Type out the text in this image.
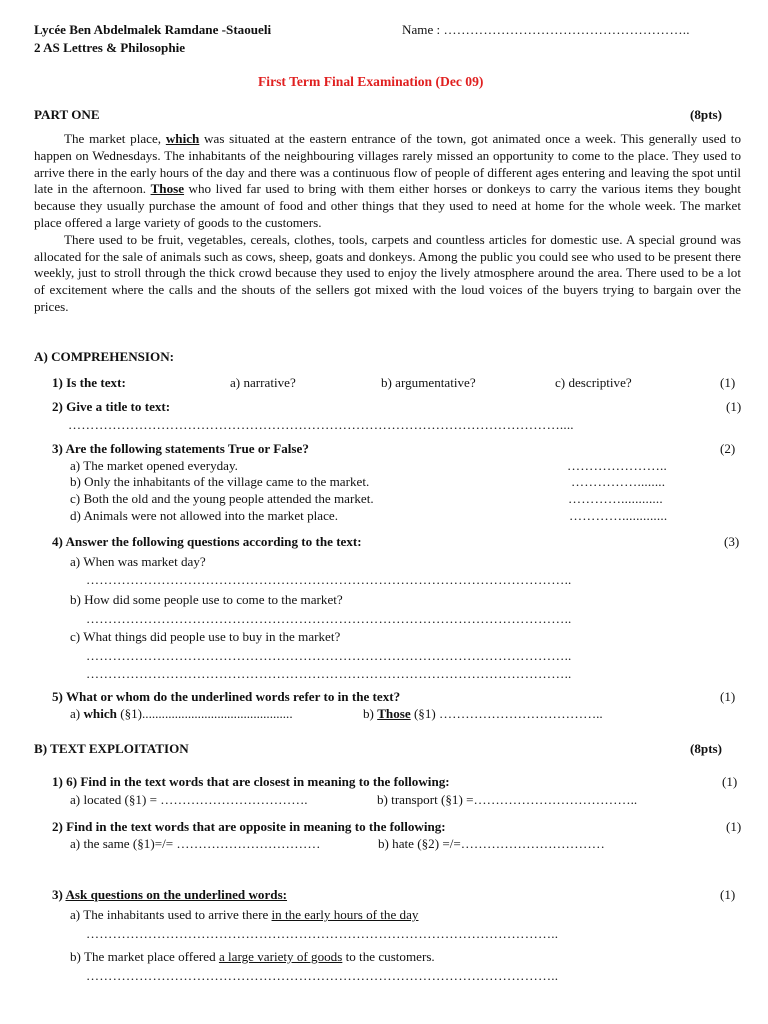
Lycée Ben Abdelmalek Ramdane -Staoueli
2 AS Lettres & Philosophie
Name : ………………………………………………..
First Term Final Examination (Dec 09)
PART ONE	(8pts)

The market place, which was situated at the eastern entrance of the town, got animated once a week. This generally used to happen on Wednesdays. The inhabitants of the neighbouring villages rarely missed an opportunity to come to the place. They used to arrive there in the early hours of the day and there was a continuous flow of people of different ages entering and leaving the spot until late in the afternoon. Those who lived far used to bring with them either horses or donkeys to carry the various items they bought because they usually purchase the amount of food and other things that they used to need at home for the whole week. The market place offered a large variety of goods to the customers.

There used to be fruit, vegetables, cereals, clothes, tools, carpets and countless articles for domestic use. A special ground was allocated for the sale of animals such as cows, sheep, goats and donkeys. Among the public you could see who used to be present there weekly, just to stroll through the thick crowd because they used to enjoy the lively atmosphere around the area. There used to be a lot of excitement where the calls and the shouts of the sellers got mixed with the loud voices of the buyers trying to bargain over the prices.

A) COMPREHENSION:
1) Is the text:	a) narrative?	b) argumentative?	c) descriptive?	(1)
2) Give a title to text:	(1)
…………………………………………………………………………………………………....
3) Are the following statements True or False?	(2)
a) The market opened everyday.	…………………..
b) Only the inhabitants of the village came to the market.	……………........
c) Both the old and the young people attended the market.	…………............
d) Animals were not allowed into the market place.	………….............
4) Answer the following questions according to the text:	(3)
a) When was market day?
………………………………………………………………………………………………..
b) How did some people use to come to the market?
………………………………………………………………………………………………..
c) What things did people use to buy in the market?
………………………………………………………………………………………………..
………………………………………………………………………………………………..
5) What or whom do the underlined words refer to in the text?	(1)
a) which (§1)..............................................	b) Those (§1) ………………………………..
B) TEXT EXPLOITATION	(8pts)
1) 6) Find in the text words that are closest in meaning to the following:	(1)
a) located (§1) = …………………………….	b) transport (§1) =………………………………..
2) Find in the text words that are opposite in meaning to the following:	(1)
a) the same (§1)=/= ……………………………	b) hate (§2) =/=……………………………
3) Ask questions on the underlined words:	(1)
a) The inhabitants used to arrive there in the early hours of the day
……………………………………………………………………………………………..
b) The market place offered a large variety of goods to the customers.
……………………………………………………………………………………………..
